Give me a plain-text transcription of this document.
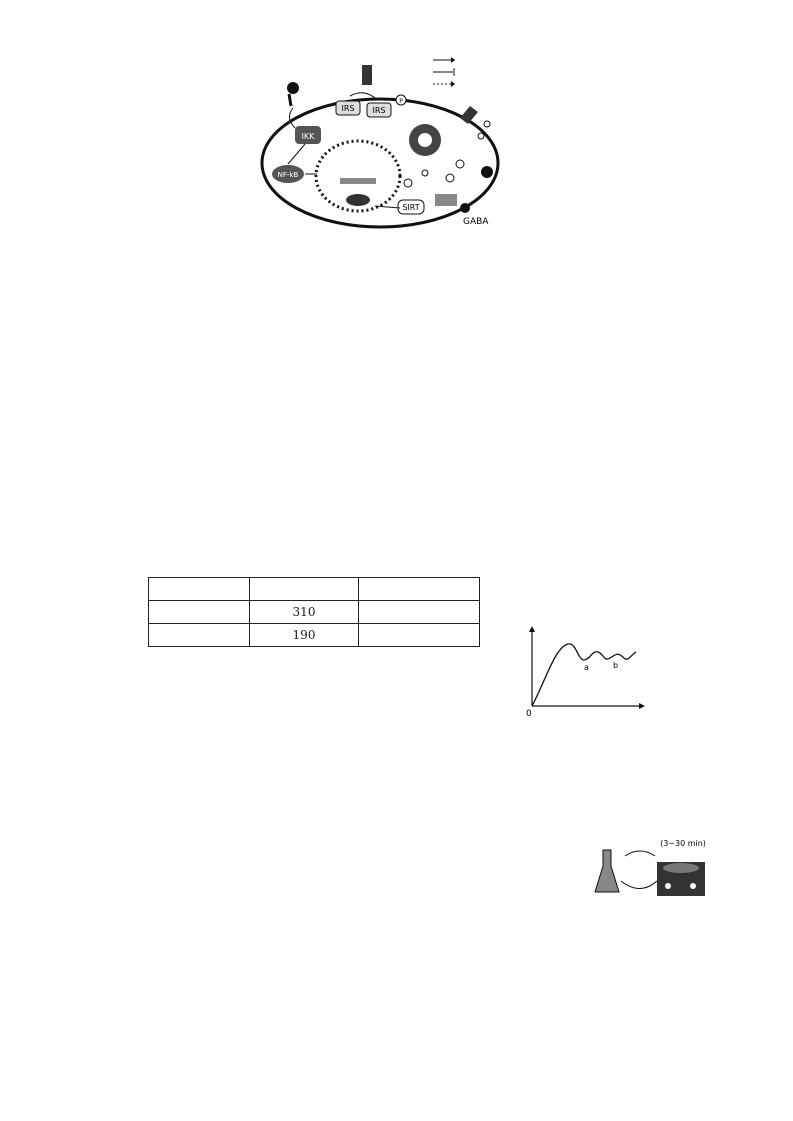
IRS IRS
P
IKK
NF-kB
SIRT
GABA

	310	
	190	
0
a	b
(3~30 min)
